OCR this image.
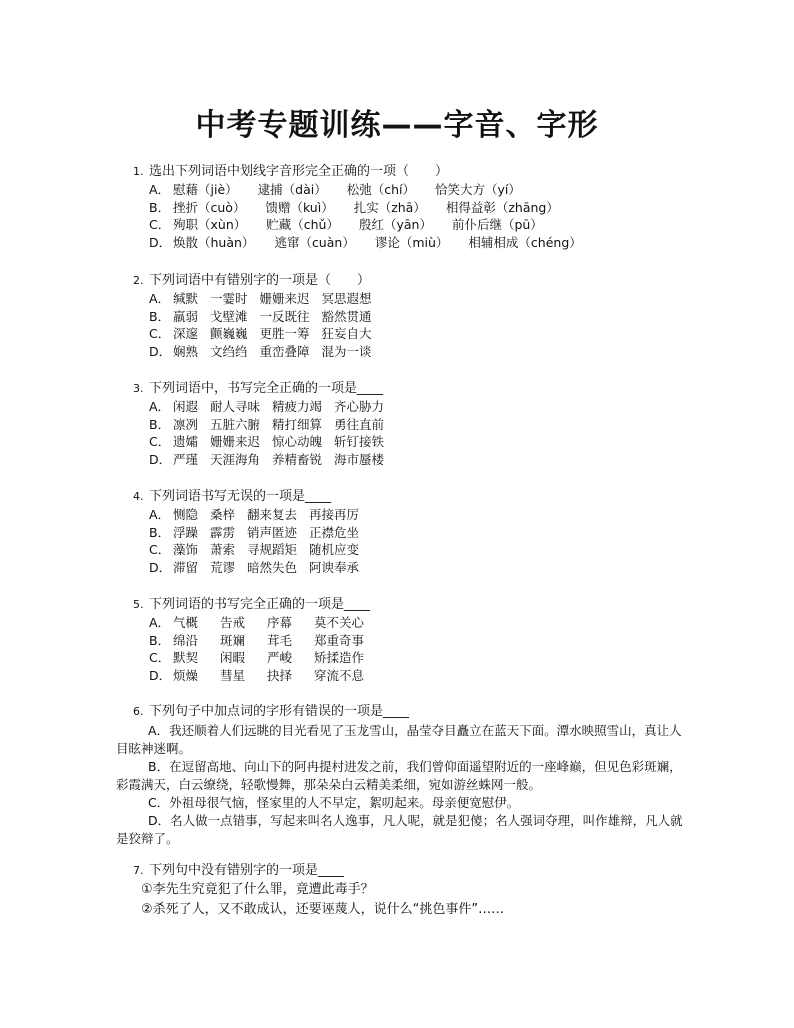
中考专题训练——字音、字形
1. 选出下列词语中划线字音形完全正确的一项（　　）
A． 慰藉（jiè） 逮捕（dài） 松弛（chí） 恰笑大方（yí）
B． 挫折（cuò） 馈赠（kuì） 扎实（zhā） 相得益彰（zhāng）
C． 殉职（xùn） 贮藏（chǔ） 殷红（yān） 前仆后继（pū）
D． 焕散（huàn） 逃窜（cuàn） 谬论（miù） 相辅相成（chéng）
2. 下列词语中有错别字的一项是（　　）
A． 缄默 一霎时 姗姗来迟 冥思遐想
B． 羸弱 戈壁滩 一反既往 豁然贯通
C． 深邃 颤巍巍 更胜一筹 狂妄自大
D． 娴熟 文绉绉 重峦叠障 混为一谈
3. 下列词语中，书写完全正确的一项是____
A． 闲遐 耐人寻味 精疲力竭 齐心胁力
B． 凛冽 五脏六腑 精打细算 勇往直前
C． 遗孀 姗姗来迟 惊心动魄 斩钉接铁
D． 严瑾 天涯海角 养精畜锐 海市蜃楼
4. 下列词语书写无误的一项是____
A． 恻隐 桑梓 翻来复去 再接再厉
B． 浮躁 霹雳 销声匿迹 正襟危坐
C． 藻饰 萧索 寻规蹈矩 随机应变
D． 滞留 荒谬 暗然失色 阿谀奉承
5. 下列词语的书写完全正确的一项是____
A． 气概 告戒 序幕 莫不关心
B． 绵沿 斑斓 茸毛 郑重奇事
C． 默契 闲暇 严峻 矫揉造作
D． 烦燥 彗星 抉择 穿流不息
6. 下列句子中加点词的字形有错误的一项是____
A．我还顺着人们远眺的目光看见了玉龙雪山，晶莹夺目矗立在蓝天下面。潭水映照雪山，真让人目眩神迷啊。
B．在逗留高地、向山下的阿冉提村进发之前，我们曾仰面遥望附近的一座峰巅，但见色彩斑斓，彩霞满天，白云缭绕，轻歌慢舞，那朵朵白云精美柔细，宛如游丝蛛网一般。
C．外祖母很气恼，怪家里的人不早定，絮叨起来。母亲便宽慰伊。
D．名人做一点错事，写起来叫名人逸事，凡人呢，就是犯傻；名人强词夺理，叫作雄辩，凡人就是狡辩了。
7. 下列句中没有错别字的一项是____
①李先生究竟犯了什么罪，竟遭此毒手？
②杀死了人，又不敢成认，还要诬蔑人，说什么“挑色事件”……
